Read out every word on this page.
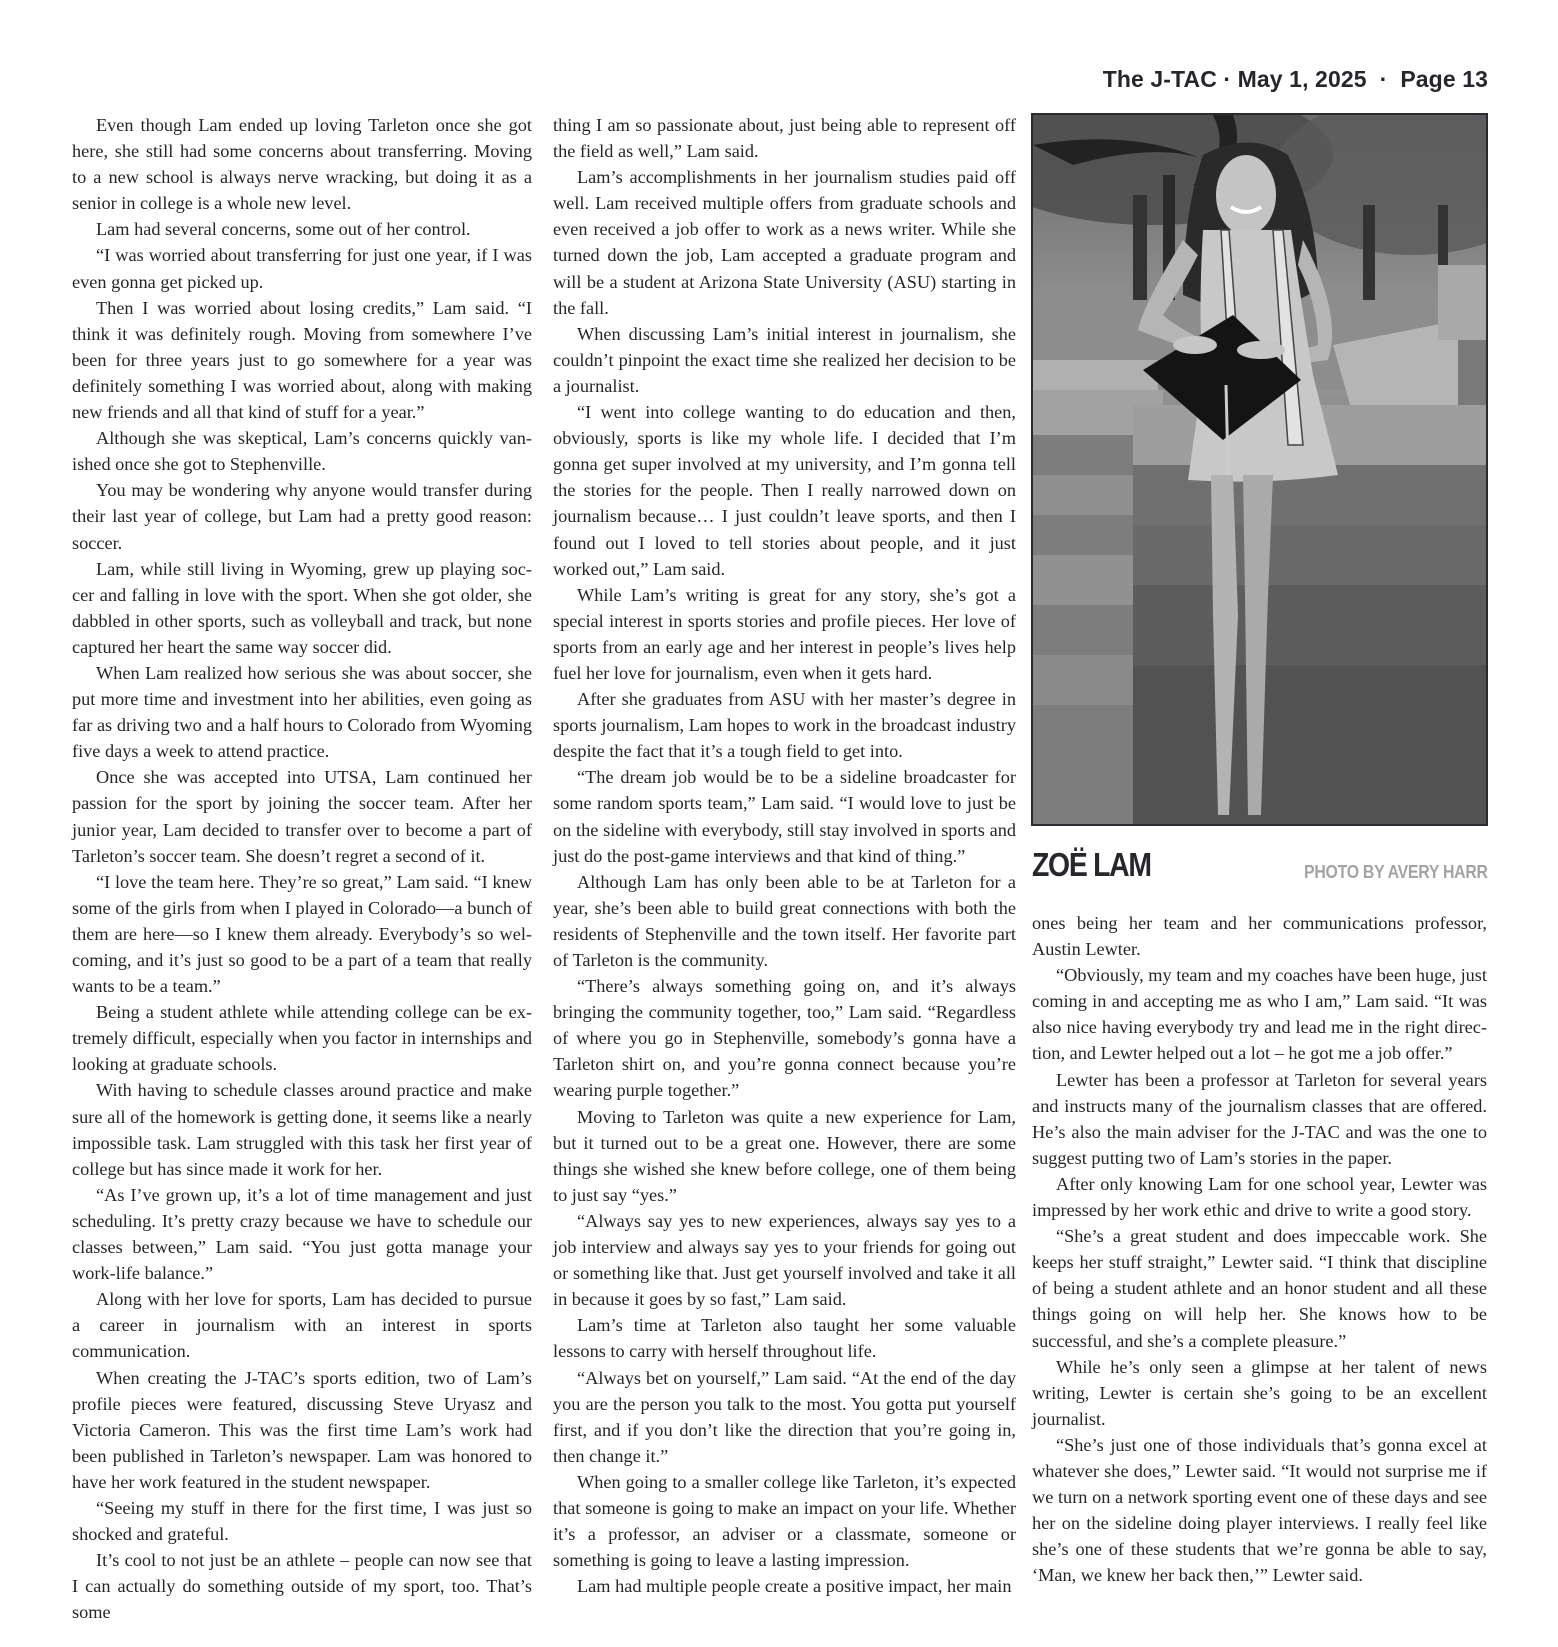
The J-TAC · May 1, 2025  ·  Page 13

Even though Lam ended up loving Tarleton once she got here, she still had some concerns about transferring. Moving to a new school is always nerve wracking, but doing it as a senior in college is a whole new level.

Lam had several concerns, some out of her control.

“I was worried about transferring for just one year, if I was even gonna get picked up.

Then I was worried about losing credits,” Lam said. “I think it was definitely rough. Moving from somewhere I’ve been for three years just to go somewhere for a year was definitely something I was worried about, along with making new friends and all that kind of stuff for a year.”

Although she was skeptical, Lam’s concerns quickly vanished once she got to Stephenville.

You may be wondering why anyone would transfer during their last year of college, but Lam had a pretty good reason: soccer.

Lam, while still living in Wyoming, grew up playing soccer and falling in love with the sport. When she got older, she dabbled in other sports, such as volleyball and track, but none captured her heart the same way soccer did.

When Lam realized how serious she was about soccer, she put more time and investment into her abilities, even going as far as driving two and a half hours to Colorado from Wyoming five days a week to attend practice.

Once she was accepted into UTSA, Lam continued her passion for the sport by joining the soccer team. After her junior year, Lam decided to transfer over to become a part of Tarleton’s soccer team. She doesn’t regret a second of it.

“I love the team here. They’re so great,” Lam said. “I knew some of the girls from when I played in Colorado—a bunch of them are here—so I knew them already. Everybody’s so welcoming, and it’s just so good to be a part of a team that really wants to be a team.”

Being a student athlete while attending college can be extremely difficult, especially when you factor in internships and looking at graduate schools.

With having to schedule classes around practice and make sure all of the homework is getting done, it seems like a nearly impossible task. Lam struggled with this task her first year of college but has since made it work for her.

“As I’ve grown up, it’s a lot of time management and just scheduling. It’s pretty crazy because we have to schedule our classes between,” Lam said. “You just gotta manage your work-life balance.”

Along with her love for sports, Lam has decided to pursue a career in journalism with an interest in sports communication.

When creating the J-TAC’s sports edition, two of Lam’s profile pieces were featured, discussing Steve Uryasz and Victoria Cameron. This was the first time Lam’s work had been published in Tarleton’s newspaper. Lam was honored to have her work featured in the student newspaper.

“Seeing my stuff in there for the first time, I was just so shocked and grateful.

It’s cool to not just be an athlete – people can now see that I can actually do something outside of my sport, too. That’s some

thing I am so passionate about, just being able to represent off the field as well,” Lam said.

Lam’s accomplishments in her journalism studies paid off well. Lam received multiple offers from graduate schools and even received a job offer to work as a news writer. While she turned down the job, Lam accepted a graduate program and will be a student at Arizona State University (ASU) starting in the fall.

When discussing Lam’s initial interest in journalism, she couldn’t pinpoint the exact time she realized her decision to be a journalist.

“I went into college wanting to do education and then, obviously, sports is like my whole life. I decided that I’m gonna get super involved at my university, and I’m gonna tell the stories for the people. Then I really narrowed down on journalism because… I just couldn’t leave sports, and then I found out I loved to tell stories about people, and it just worked out,” Lam said.

While Lam’s writing is great for any story, she’s got a special interest in sports stories and profile pieces. Her love of sports from an early age and her interest in people’s lives help fuel her love for journalism, even when it gets hard.

After she graduates from ASU with her master’s degree in sports journalism, Lam hopes to work in the broadcast industry despite the fact that it’s a tough field to get into.

“The dream job would be to be a sideline broadcaster for some random sports team,” Lam said. “I would love to just be on the sideline with everybody, still stay involved in sports and just do the post-game interviews and that kind of thing.”

Although Lam has only been able to be at Tarleton for a year, she’s been able to build great connections with both the residents of Stephenville and the town itself. Her favorite part of Tarleton is the community.

“There’s always something going on, and it’s always bringing the community together, too,” Lam said. “Regardless of where you go in Stephenville, somebody’s gonna have a Tarleton shirt on, and you’re gonna connect because you’re wearing purple together.”

Moving to Tarleton was quite a new experience for Lam, but it turned out to be a great one. However, there are some things she wished she knew before college, one of them being to just say “yes.”

“Always say yes to new experiences, always say yes to a job interview and always say yes to your friends for going out or something like that. Just get yourself involved and take it all in because it goes by so fast,” Lam said.

Lam’s time at Tarleton also taught her some valuable lessons to carry with herself throughout life.

“Always bet on yourself,” Lam said. “At the end of the day you are the person you talk to the most. You gotta put yourself first, and if you don’t like the direction that you’re going in, then change it.”

When going to a smaller college like Tarleton, it’s expected that someone is going to make an impact on your life. Whether it’s a professor, an adviser or a classmate, someone or something is going to leave a lasting impression.

Lam had multiple people create a positive impact, her main

ZOË LAM	PHOTO BY AVERY HARR

ones being her team and her communications professor, Austin Lewter.

“Obviously, my team and my coaches have been huge, just coming in and accepting me as who I am,” Lam said. “It was also nice having everybody try and lead me in the right direction, and Lewter helped out a lot – he got me a job offer.”

Lewter has been a professor at Tarleton for several years and instructs many of the journalism classes that are offered. He’s also the main adviser for the J-TAC and was the one to suggest putting two of Lam’s stories in the paper.

After only knowing Lam for one school year, Lewter was impressed by her work ethic and drive to write a good story.

“She’s a great student and does impeccable work. She keeps her stuff straight,” Lewter said. “I think that discipline of being a student athlete and an honor student and all these things going on will help her. She knows how to be successful, and she’s a complete pleasure.”

While he’s only seen a glimpse at her talent of news writing, Lewter is certain she’s going to be an excellent journalist.

“She’s just one of those individuals that’s gonna excel at whatever she does,” Lewter said. “It would not surprise me if we turn on a network sporting event one of these days and see her on the sideline doing player interviews. I really feel like she’s one of these students that we’re gonna be able to say, ‘Man, we knew her back then,’” Lewter said.
